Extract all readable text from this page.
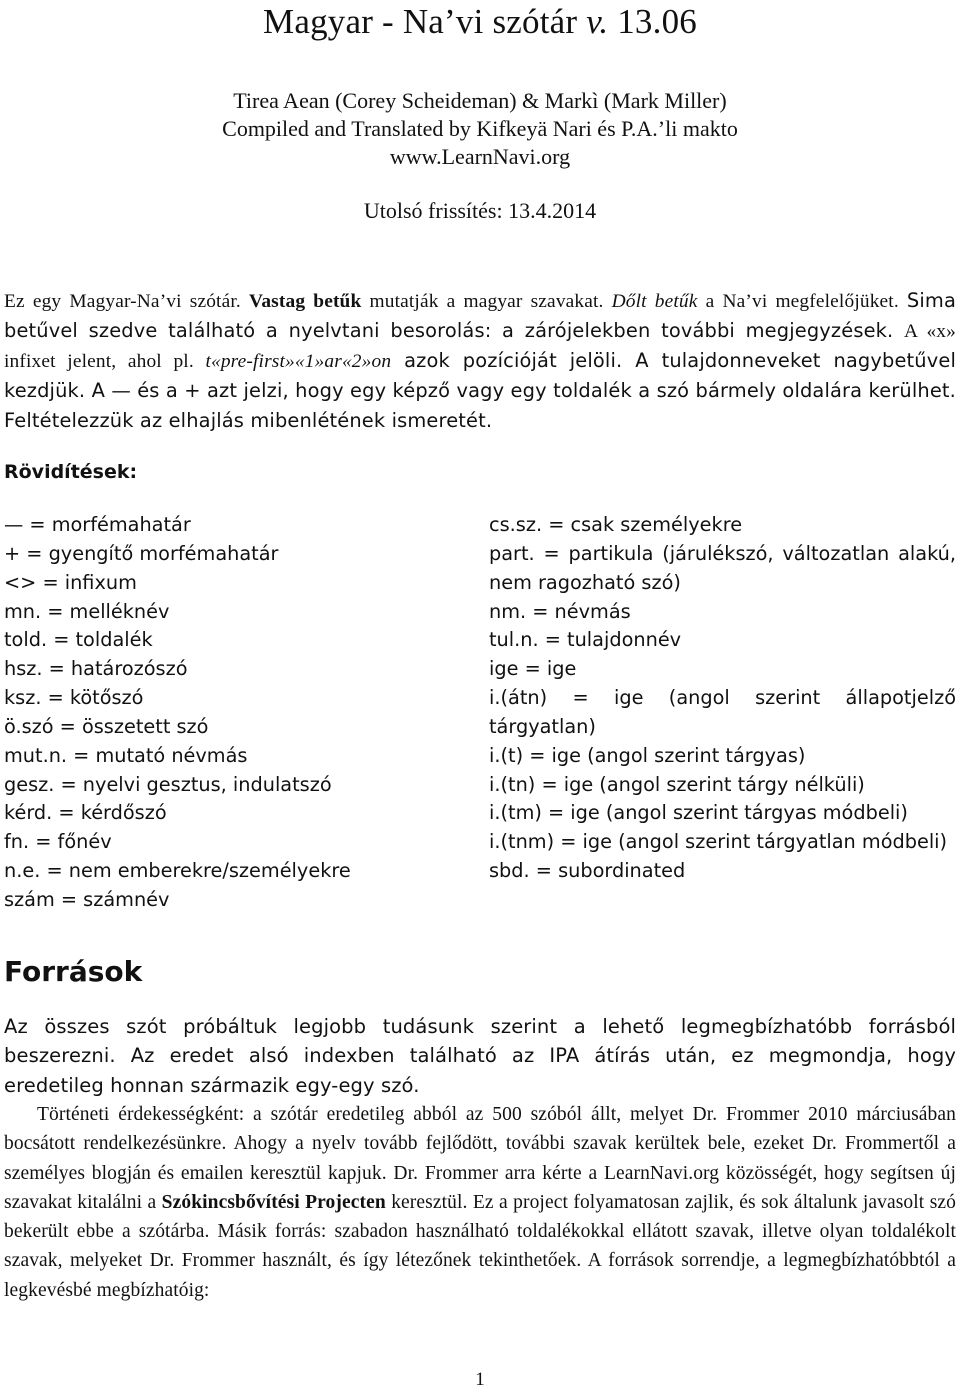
Magyar - Na’vi szótár v. 13.06
Tirea Aean (Corey Scheideman) & Markì (Mark Miller)
Compiled and Translated by Kifkeyä Nari és P.A.’li makto
www.LearnNavi.org
Utolsó frissítés: 13.4.2014
Ez egy Magyar-Na’vi szótár. Vastag betűk mutatják a magyar szavakat. Dőlt betűk a Na’vi megfelelőjüket. Sima betűvel szedve található a nyelvtani besorolás: a zárójelekben további megjegyzések. A «x» infixet jelent, ahol pl. t«pre-first»«1»ar«2»on azok pozícióját jelöli. A tulajdonneveket nagybetűvel kezdjük. A — és a + azt jelzi, hogy egy képző vagy egy toldalék a szó bármely oldalára kerülhet. Feltételezzük az elhajlás mibenlétének ismeretét.
Rövidítések:
— = morfémahatár
+ = gyengítő morfémahatár
<> = infixum
mn. = melléknév
told. = toldalék
hsz. = határozószó
ksz. = kötőszó
ö.szó = összetett szó
mut.n. = mutató névmás
gesz. = nyelvi gesztus, indulatszó
kérd. = kérdőszó
fn. = főnév
n.e. = nem emberekre/személyekre
szám = számnév
cs.sz. = csak személyekre
part. = partikula (járulékszó, változatlan alakú, nem ragozható szó)
nm. = névmás
tul.n. = tulajdonnév
ige = ige
i.(átn) = ige (angol szerint állapotjelző tárgyatlan)
i.(t) = ige (angol szerint tárgyas)
i.(tn) = ige (angol szerint tárgy nélküli)
i.(tm) = ige (angol szerint tárgyas módbeli)
i.(tnm) = ige (angol szerint tárgyatlan módbeli)
sbd. = subordinated
Források
Az összes szót próbáltuk legjobb tudásunk szerint a lehető legmegbízhatóbb forrásból beszerezni. Az eredet alsó indexben található az IPA átírás után, ez megmondja, hogy eredetileg honnan származik egy-egy szó.
Történeti érdekességként: a szótár eredetileg abból az 500 szóból állt, melyet Dr. Frommer 2010 márciusában bocsátott rendelkezésünkre. Ahogy a nyelv tovább fejlődött, további szavak kerültek bele, ezeket Dr. Frommertől a személyes blogján és emailen keresztül kapjuk. Dr. Frommer arra kérte a LearnNavi.org közösségét, hogy segítsen új szavakat kitalálni a Szókincsbővítési Projecten keresztül. Ez a project folyamatosan zajlik, és sok általunk javasolt szó bekerült ebbe a szótárba. Másik forrás: szabadon használható toldalékokkal ellátott szavak, illetve olyan toldalékolt szavak, melyeket Dr. Frommer használt, és így létezőnek tekinthetőek. A források sorrendje, a legmegbízhatóbbtól a legkevésbé megbízhatóig:
1
